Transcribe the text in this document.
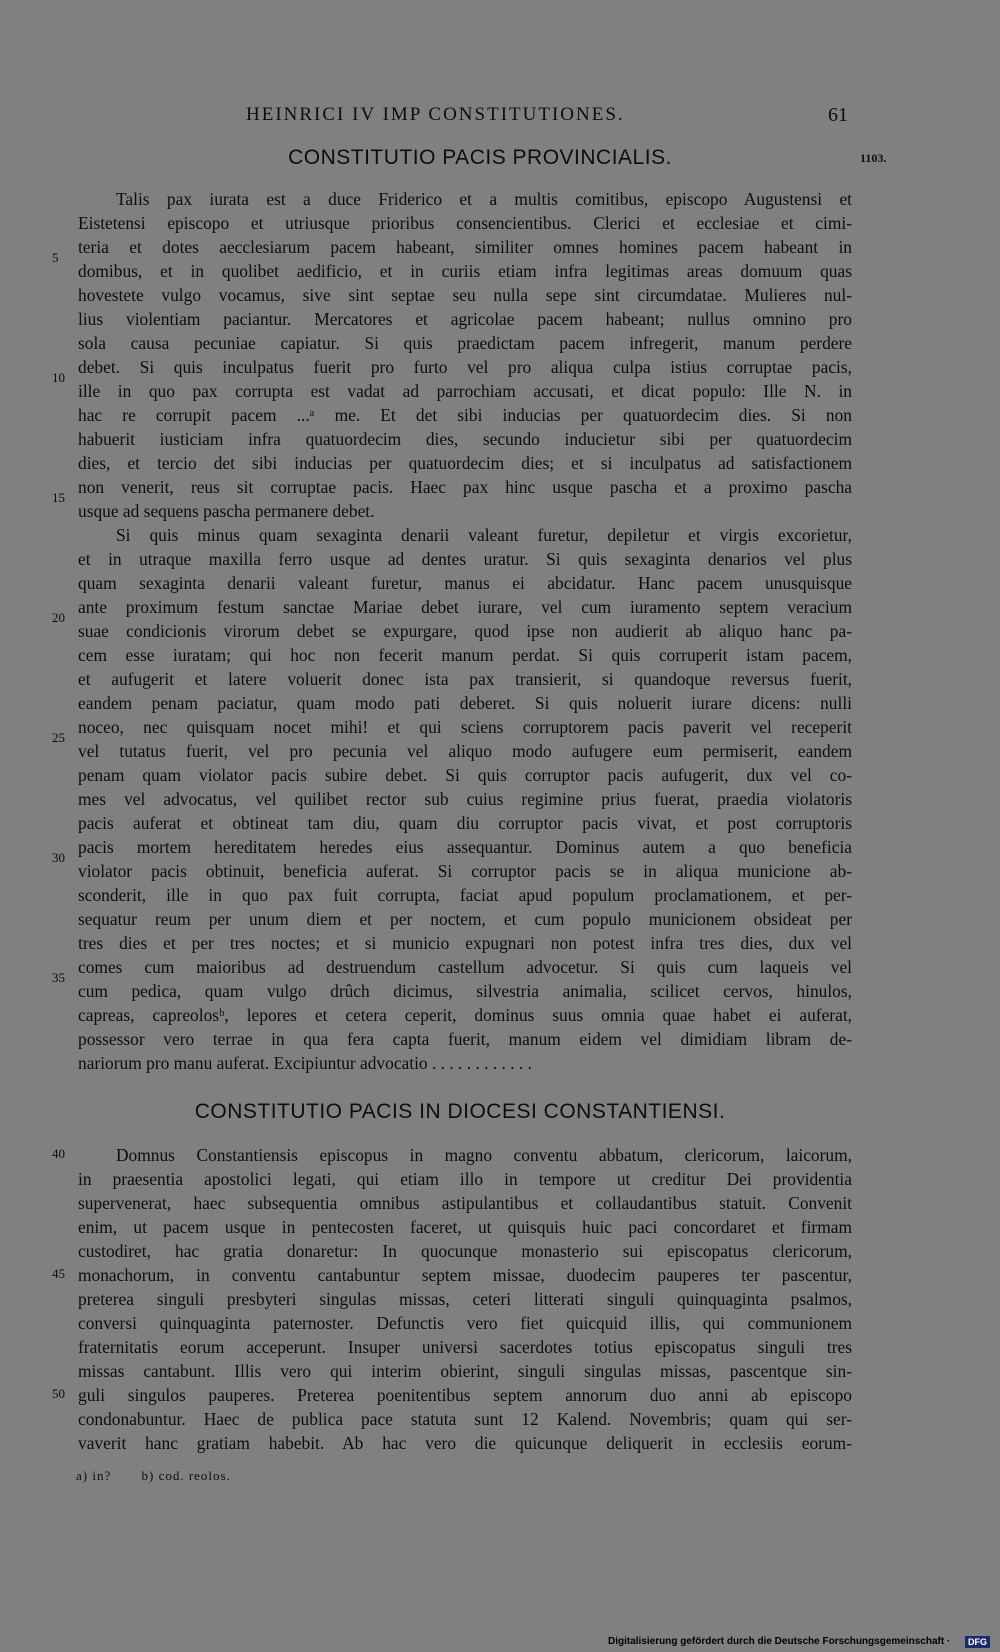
HEINRICI IV IMP CONSTITUTIONES.	61
CONSTITUTIO PACIS PROVINCIALIS.	1103.
Talis pax iurata est a duce Friderico et a multis comitibus, episcopo Augustensi et
Eistetensi episcopo et utriusque prioribus consencientibus. Clerici et ecclesiae et cimi-
teria et dotes aecclesiarum pacem habeant, similiter omnes homines pacem habeant in
domibus, et in quolibet aedificio, et in curiis etiam infra legitimas areas domuum quas
hovestete vulgo vocamus, sive sint septae seu nulla sepe sint circumdatae. Mulieres nul-
lius violentiam paciantur. Mercatores et agricolae pacem habeant; nullus omnino pro
sola causa pecuniae capiatur. Si quis praedictam pacem infregerit, manum perdere
debet. Si quis inculpatus fuerit pro furto vel pro aliqua culpa istius corruptae pacis,
ille in quo pax corrupta est vadat ad parrochiam accusati, et dicat populo: Ille N. in
hac re corrupit pacem ...ᵃ me. Et det sibi inducias per quatuordecim dies. Si non
habuerit iusticiam infra quatuordecim dies, secundo inducietur sibi per quatuordecim
dies, et tercio det sibi inducias per quatuordecim dies; et si inculpatus ad satisfactionem
non venerit, reus sit corruptae pacis. Haec pax hinc usque pascha et a proximo pascha
usque ad sequens pascha permanere debet.
Si quis minus quam sexaginta denarii valeant furetur, depiletur et virgis excorietur,
et in utraque maxilla ferro usque ad dentes uratur. Si quis sexaginta denarios vel plus
quam sexaginta denarii valeant furetur, manus ei abcidatur. Hanc pacem unusquisque
ante proximum festum sanctae Mariae debet iurare, vel cum iuramento septem veracium
suae condicionis virorum debet se expurgare, quod ipse non audierit ab aliquo hanc pa-
cem esse iuratam; qui hoc non fecerit manum perdat. Si quis corruperit istam pacem,
et aufugerit et latere voluerit donec ista pax transierit, si quandoque reversus fuerit,
eandem penam paciatur, quam modo pati deberet. Si quis noluerit iurare dicens: nulli
noceo, nec quisquam nocet mihi! et qui sciens corruptorem pacis paverit vel receperit
vel tutatus fuerit, vel pro pecunia vel aliquo modo aufugere eum permiserit, eandem
penam quam violator pacis subire debet. Si quis corruptor pacis aufugerit, dux vel co-
mes vel advocatus, vel quilibet rector sub cuius regimine prius fuerat, praedia violatoris
pacis auferat et obtineat tam diu, quam diu corruptor pacis vivat, et post corruptoris
pacis mortem hereditatem heredes eius assequantur. Dominus autem a quo beneficia
violator pacis obtinuit, beneficia auferat. Si corruptor pacis se in aliqua municione ab-
sconderit, ille in quo pax fuit corrupta, faciat apud populum proclamationem, et per-
sequatur reum per unum diem et per noctem, et cum populo municionem obsideat per
tres dies et per tres noctes; et si municio expugnari non potest infra tres dies, dux vel
comes cum maioribus ad destruendum castellum advocetur. Si quis cum laqueis vel
cum pedica, quam vulgo drûch dicimus, silvestria animalia, scilicet cervos, hinulos,
capreas, capreolosᵇ, lepores et cetera ceperit, dominus suus omnia quae habet ei auferat,
possessor vero terrae in qua fera capta fuerit, manum eidem vel dimidiam libram de-
nariorum pro manu auferat. Excipiuntur advocatio . . . . . . . . . . . .
CONSTITUTIO PACIS IN DIOCESI CONSTANTIENSI.
Domnus Constantiensis episcopus in magno conventu abbatum, clericorum, laicorum,
in praesentia apostolici legati, qui etiam illo in tempore ut creditur Dei providentia
supervenerat, haec subsequentia omnibus astipulantibus et collaudantibus statuit. Convenit
enim, ut pacem usque in pentecosten faceret, ut quisquis huic paci concordaret et firmam
custodiret, hac gratia donaretur: In quocunque monasterio sui episcopatus clericorum,
monachorum, in conventu cantabuntur septem missae, duodecim pauperes ter pascentur,
preterea singuli presbyteri singulas missas, ceteri litterati singuli quinquaginta psalmos,
conversi quinquaginta paternoster. Defunctis vero fiet quicquid illis, qui communionem
fraternitatis eorum acceperunt. Insuper universi sacerdotes totius episcopatus singuli tres
missas cantabunt. Illis vero qui interim obierint, singuli singulas missas, pascentque sin-
guli singulos pauperes. Preterea poenitentibus septem annorum duo anni ab episcopo
condonabuntur. Haec de publica pace statuta sunt 12 Kalend. Novembris; quam qui ser-
vaverit hanc gratiam habebit. Ab hac vero die quicunque deliquerit in ecclesiis eorum-
5
10
15
20
25
30
35
40
45
50
a) in? b) cod. reolos.
Digitalisierung gefördert durch die Deutsche Forschungsgemeinschaft ·	DFG
